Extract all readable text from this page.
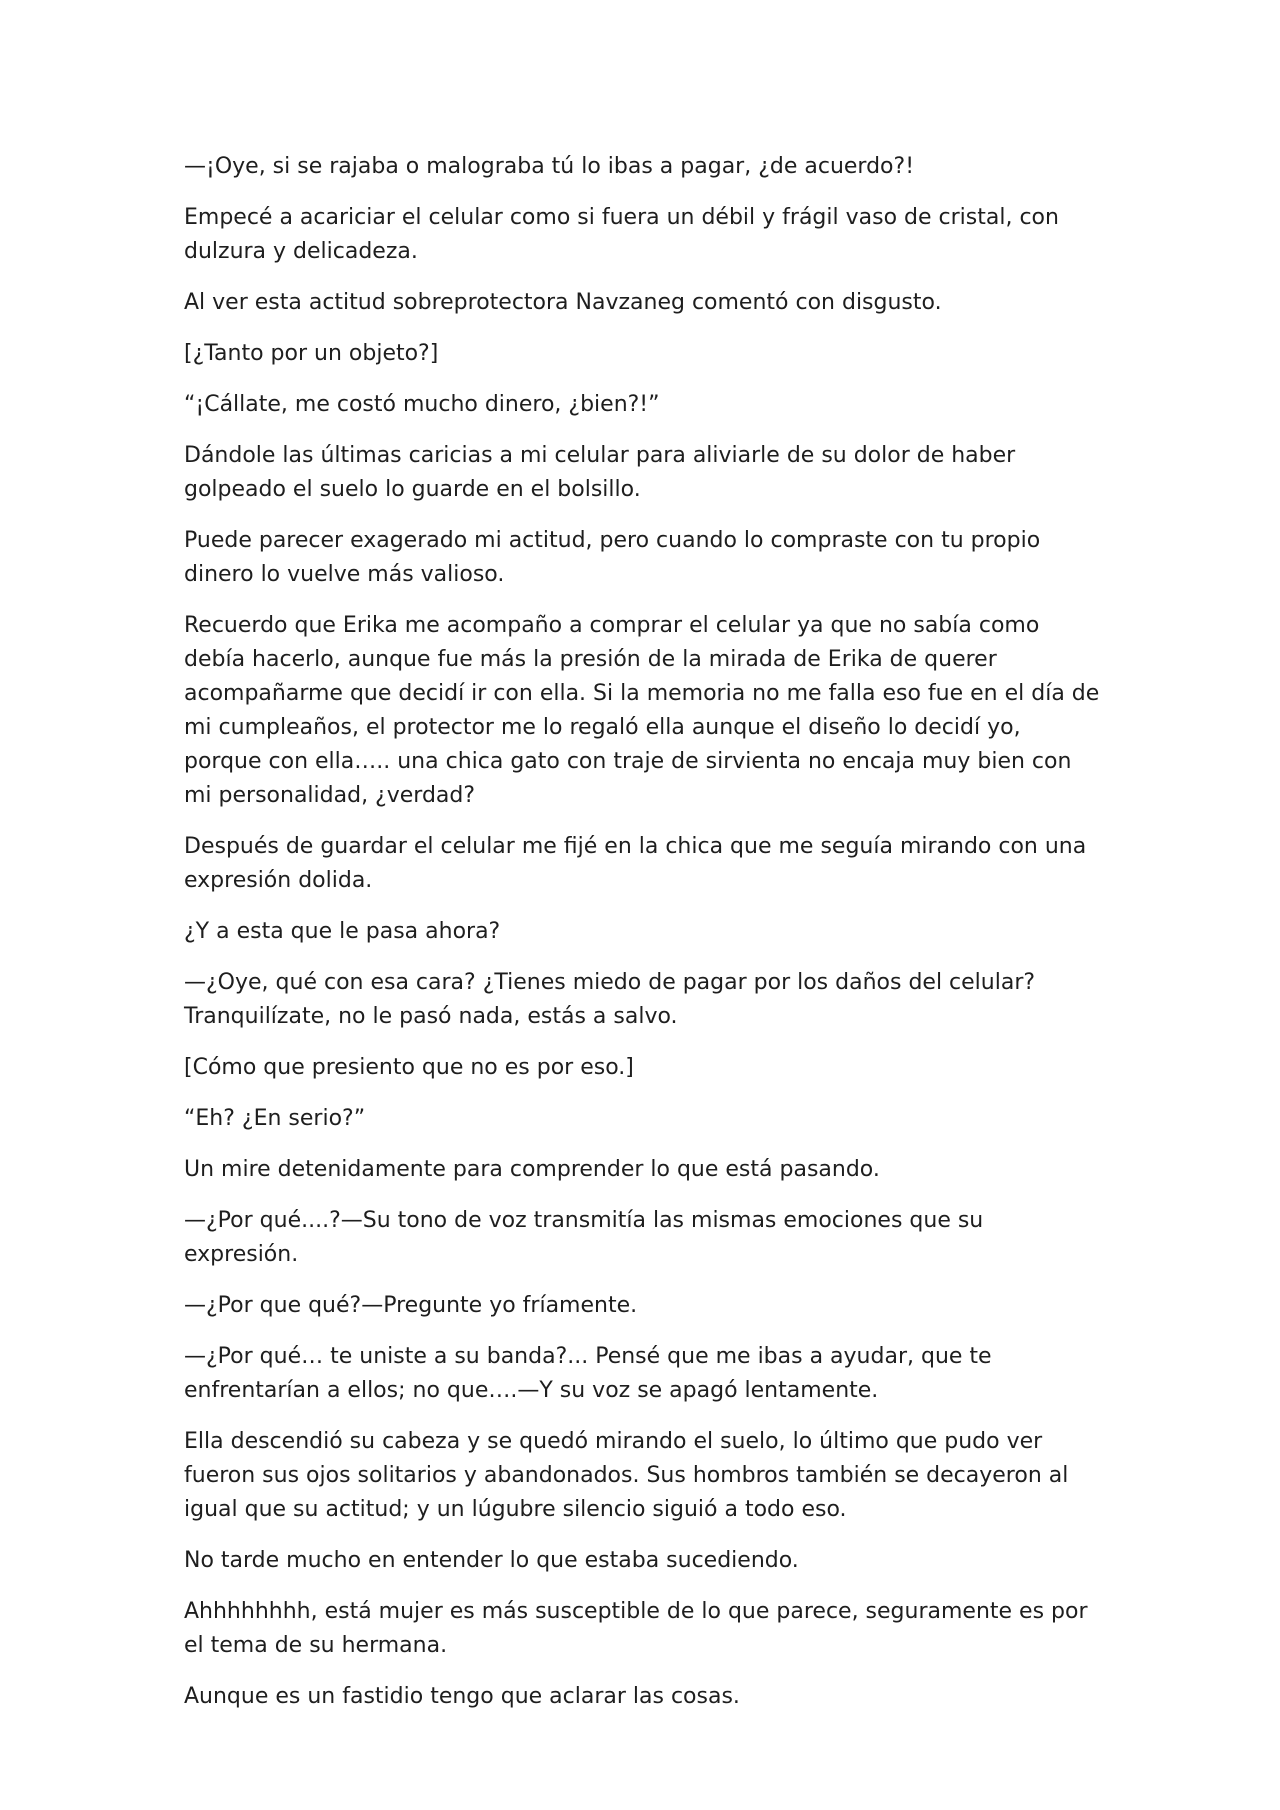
—¡Oye, si se rajaba o malograba tú lo ibas a pagar, ¿de acuerdo?!

Empecé a acariciar el celular como si fuera un débil y frágil vaso de cristal, con dulzura y delicadeza.

Al ver esta actitud sobreprotectora Navzaneg comentó con disgusto.

[¿Tanto por un objeto?]

“¡Cállate, me costó mucho dinero, ¿bien?!”

Dándole las últimas caricias a mi celular para aliviarle de su dolor de haber golpeado el suelo lo guarde en el bolsillo.

Puede parecer exagerado mi actitud, pero cuando lo compraste con tu propio dinero lo vuelve más valioso.

Recuerdo que Erika me acompaño a comprar el celular ya que no sabía como debía hacerlo, aunque fue más la presión de la mirada de Erika de querer acompañarme que decidí ir con ella. Si la memoria no me falla eso fue en el día de mi cumpleaños, el protector me lo regaló ella aunque el diseño lo decidí yo, porque con ella….. una chica gato con traje de sirvienta no encaja muy bien con mi personalidad, ¿verdad?

Después de guardar el celular me fijé en la chica que me seguía mirando con una expresión dolida.

¿Y a esta que le pasa ahora?

—¿Oye, qué con esa cara? ¿Tienes miedo de pagar por los daños del celular? Tranquilízate, no le pasó nada, estás a salvo.

[Cómo que presiento que no es por eso.]

“Eh? ¿En serio?”

Un mire detenidamente para comprender lo que está pasando.

—¿Por qué....?—Su tono de voz transmitía las mismas emociones que su expresión.

—¿Por que qué?—Pregunte yo fríamente.

—¿Por qué… te uniste a su banda?... Pensé que me ibas a ayudar, que te enfrentarían a ellos; no que….—Y su voz se apagó lentamente.

Ella descendió su cabeza y se quedó mirando el suelo, lo último que pudo ver fueron sus ojos solitarios y abandonados. Sus hombros también se decayeron al igual que su actitud; y un lúgubre silencio siguió a todo eso.

No tarde mucho en entender lo que estaba sucediendo.

Ahhhhhhhh, está mujer es más susceptible de lo que parece, seguramente es por el tema de su hermana.

Aunque es un fastidio tengo que aclarar las cosas.
